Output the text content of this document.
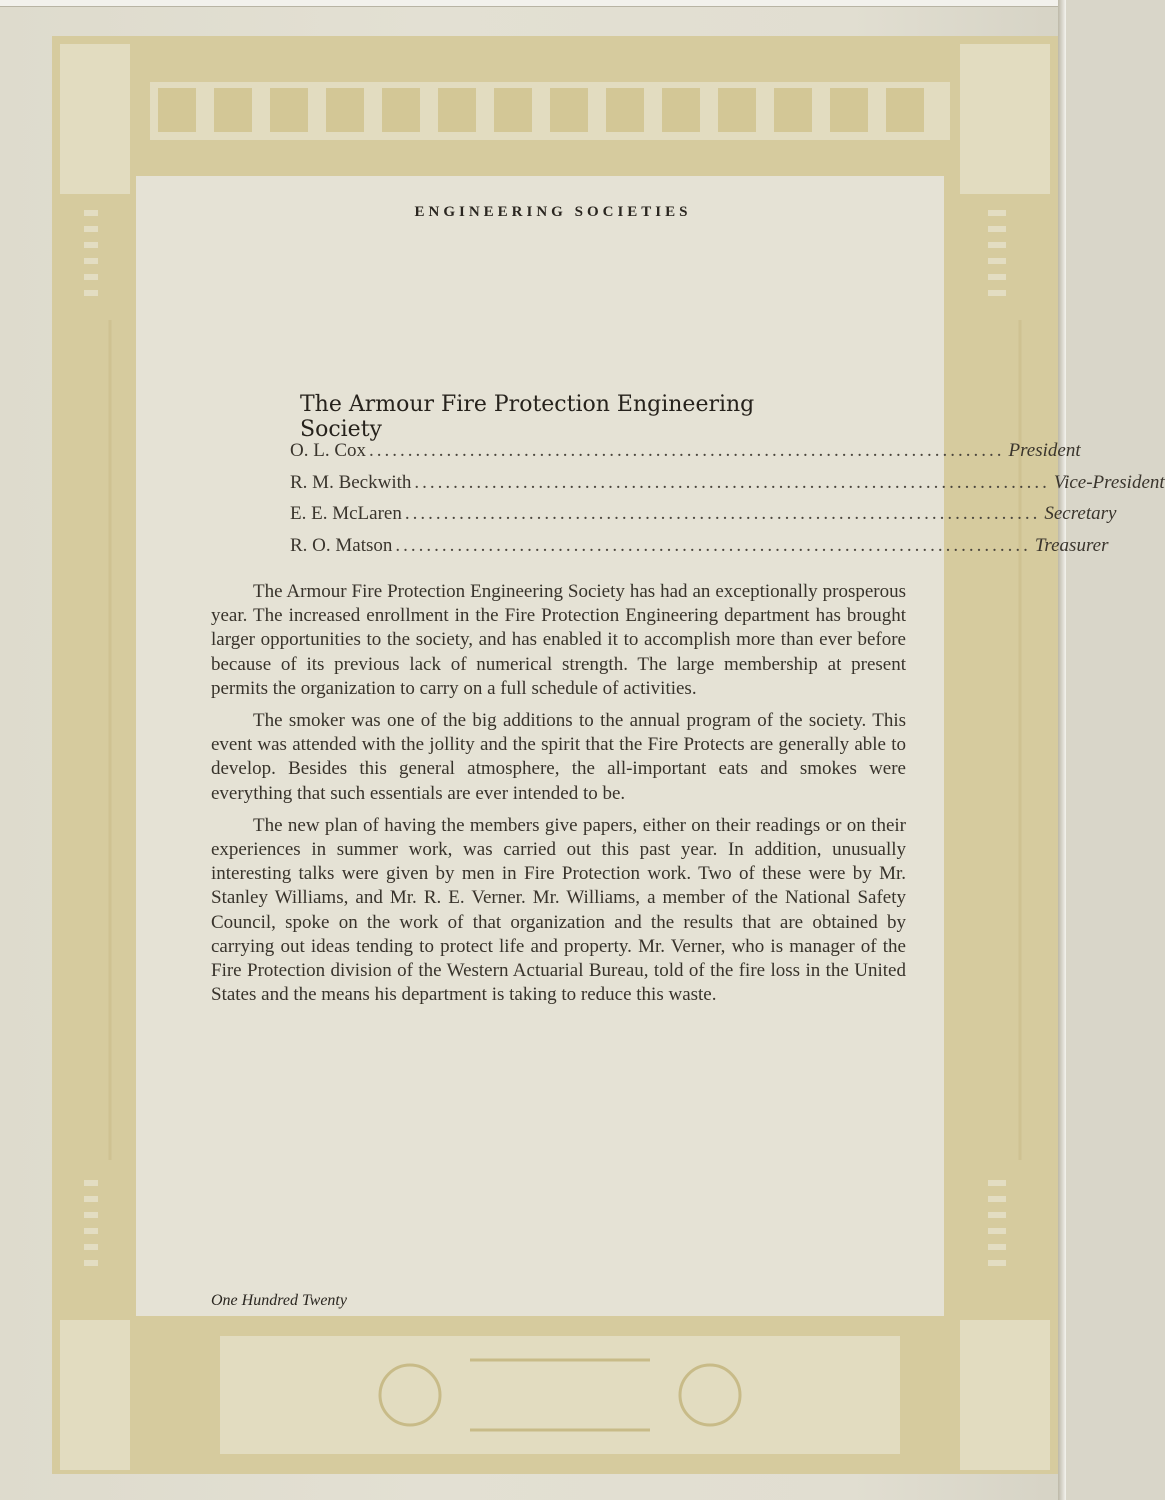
ENGINEERING SOCIETIES
The Armour Fire Protection Engineering Society
O. L. Cox .................................................................................. President
R. M. Beckwith .................................................................................. Vice-President
E. E. McLaren .................................................................................. Secretary
R. O. Matson .................................................................................. Treasurer

The Armour Fire Protection Engineering Society has had an exceptionally prosperous year. The increased enrollment in the Fire Protection Engineering department has brought larger opportunities to the society, and has enabled it to accomplish more than ever before because of its previous lack of numerical strength. The large membership at present permits the organization to carry on a full schedule of activities.

The smoker was one of the big additions to the annual program of the society. This event was attended with the jollity and the spirit that the Fire Protects are generally able to develop. Besides this general atmosphere, the all-important eats and smokes were everything that such essentials are ever intended to be.

The new plan of having the members give papers, either on their readings or on their experiences in summer work, was carried out this past year. In addition, unusually interesting talks were given by men in Fire Protection work. Two of these were by Mr. Stanley Williams, and Mr. R. E. Verner. Mr. Williams, a member of the National Safety Council, spoke on the work of that organization and the results that are obtained by carrying out ideas tending to protect life and property. Mr. Verner, who is manager of the Fire Protection division of the Western Actuarial Bureau, told of the fire loss in the United States and the means his department is taking to reduce this waste.

One Hundred Twenty
